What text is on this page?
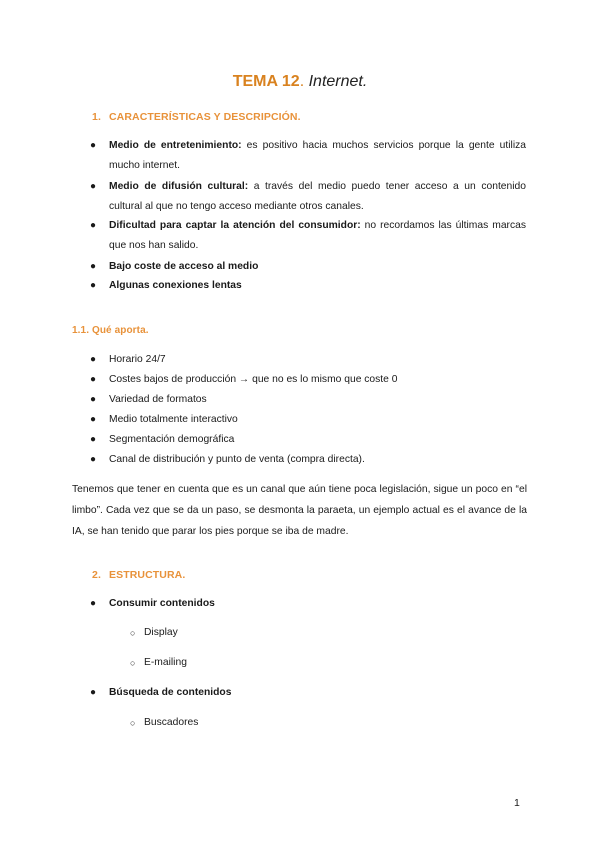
TEMA 12. Internet.
1. CARACTERÍSTICAS Y DESCRIPCIÓN.
● Medio de entretenimiento: es positivo hacia muchos servicios porque la gente utiliza mucho internet.
● Medio de difusión cultural: a través del medio puedo tener acceso a un contenido cultural al que no tengo acceso mediante otros canales.
● Dificultad para captar la atención del consumidor: no recordamos las últimas marcas que nos han salido.
● Bajo coste de acceso al medio
● Algunas conexiones lentas
1.1. Qué aporta.
● Horario 24/7
● Costes bajos de producción → que no es lo mismo que coste 0
● Variedad de formatos
● Medio totalmente interactivo
● Segmentación demográfica
● Canal de distribución y punto de venta (compra directa).
Tenemos que tener en cuenta que es un canal que aún tiene poca legislación, sigue un poco en “el limbo”. Cada vez que se da un paso, se desmonta la paraeta, un ejemplo actual es el avance de la IA, se han tenido que parar los pies porque se iba de madre.
2. ESTRUCTURA.
● Consumir contenidos
○ Display
○ E-mailing
● Búsqueda de contenidos
○ Buscadores
1
